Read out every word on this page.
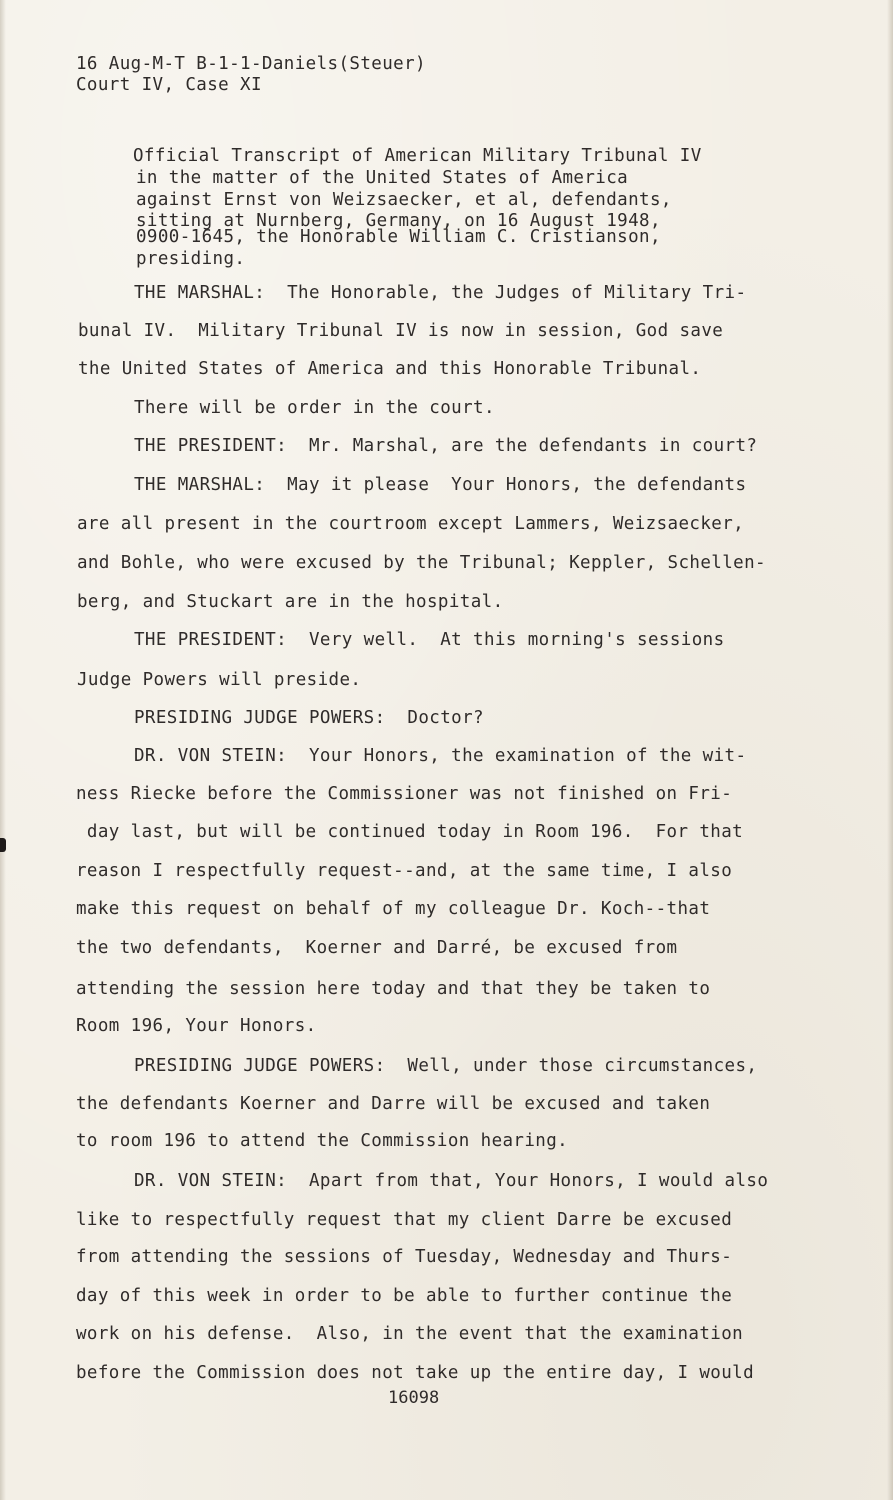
16 Aug-M-T B-1-1-Daniels(Steuer)
Court IV, Case XI
Official Transcript of American Military Tribunal IV
in the matter of the United States of America
against Ernst von Weizsaecker, et al, defendants,
sitting at Nurnberg, Germany, on 16 August 1948,
0900-1645, the Honorable William C. Cristianson,
presiding.
THE MARSHAL:  The Honorable, the Judges of Military Tri-
bunal IV.  Military Tribunal IV is now in session, God save
the United States of America and this Honorable Tribunal.
There will be order in the court.
THE PRESIDENT:  Mr. Marshal, are the defendants in court?
THE MARSHAL:  May it please  Your Honors, the defendants
are all present in the courtroom except Lammers, Weizsaecker,
and Bohle, who were excused by the Tribunal; Keppler, Schellen-
berg, and Stuckart are in the hospital.
THE PRESIDENT:  Very well.  At this morning's sessions
Judge Powers will preside.
PRESIDING JUDGE POWERS:  Doctor?
DR. VON STEIN:  Your Honors, the examination of the wit-
ness Riecke before the Commissioner was not finished on Fri-
day last, but will be continued today in Room 196.  For that
reason I respectfully request--and, at the same time, I also
make this request on behalf of my colleague Dr. Koch--that
the two defendants,  Koerner and Darré, be excused from
attending the session here today and that they be taken to
Room 196, Your Honors.
PRESIDING JUDGE POWERS:  Well, under those circumstances,
the defendants Koerner and Darre will be excused and taken
to room 196 to attend the Commission hearing.
DR. VON STEIN:  Apart from that, Your Honors, I would also
like to respectfully request that my client Darre be excused
from attending the sessions of Tuesday, Wednesday and Thurs-
day of this week in order to be able to further continue the
work on his defense.  Also, in the event that the examination
before the Commission does not take up the entire day, I would
16098
